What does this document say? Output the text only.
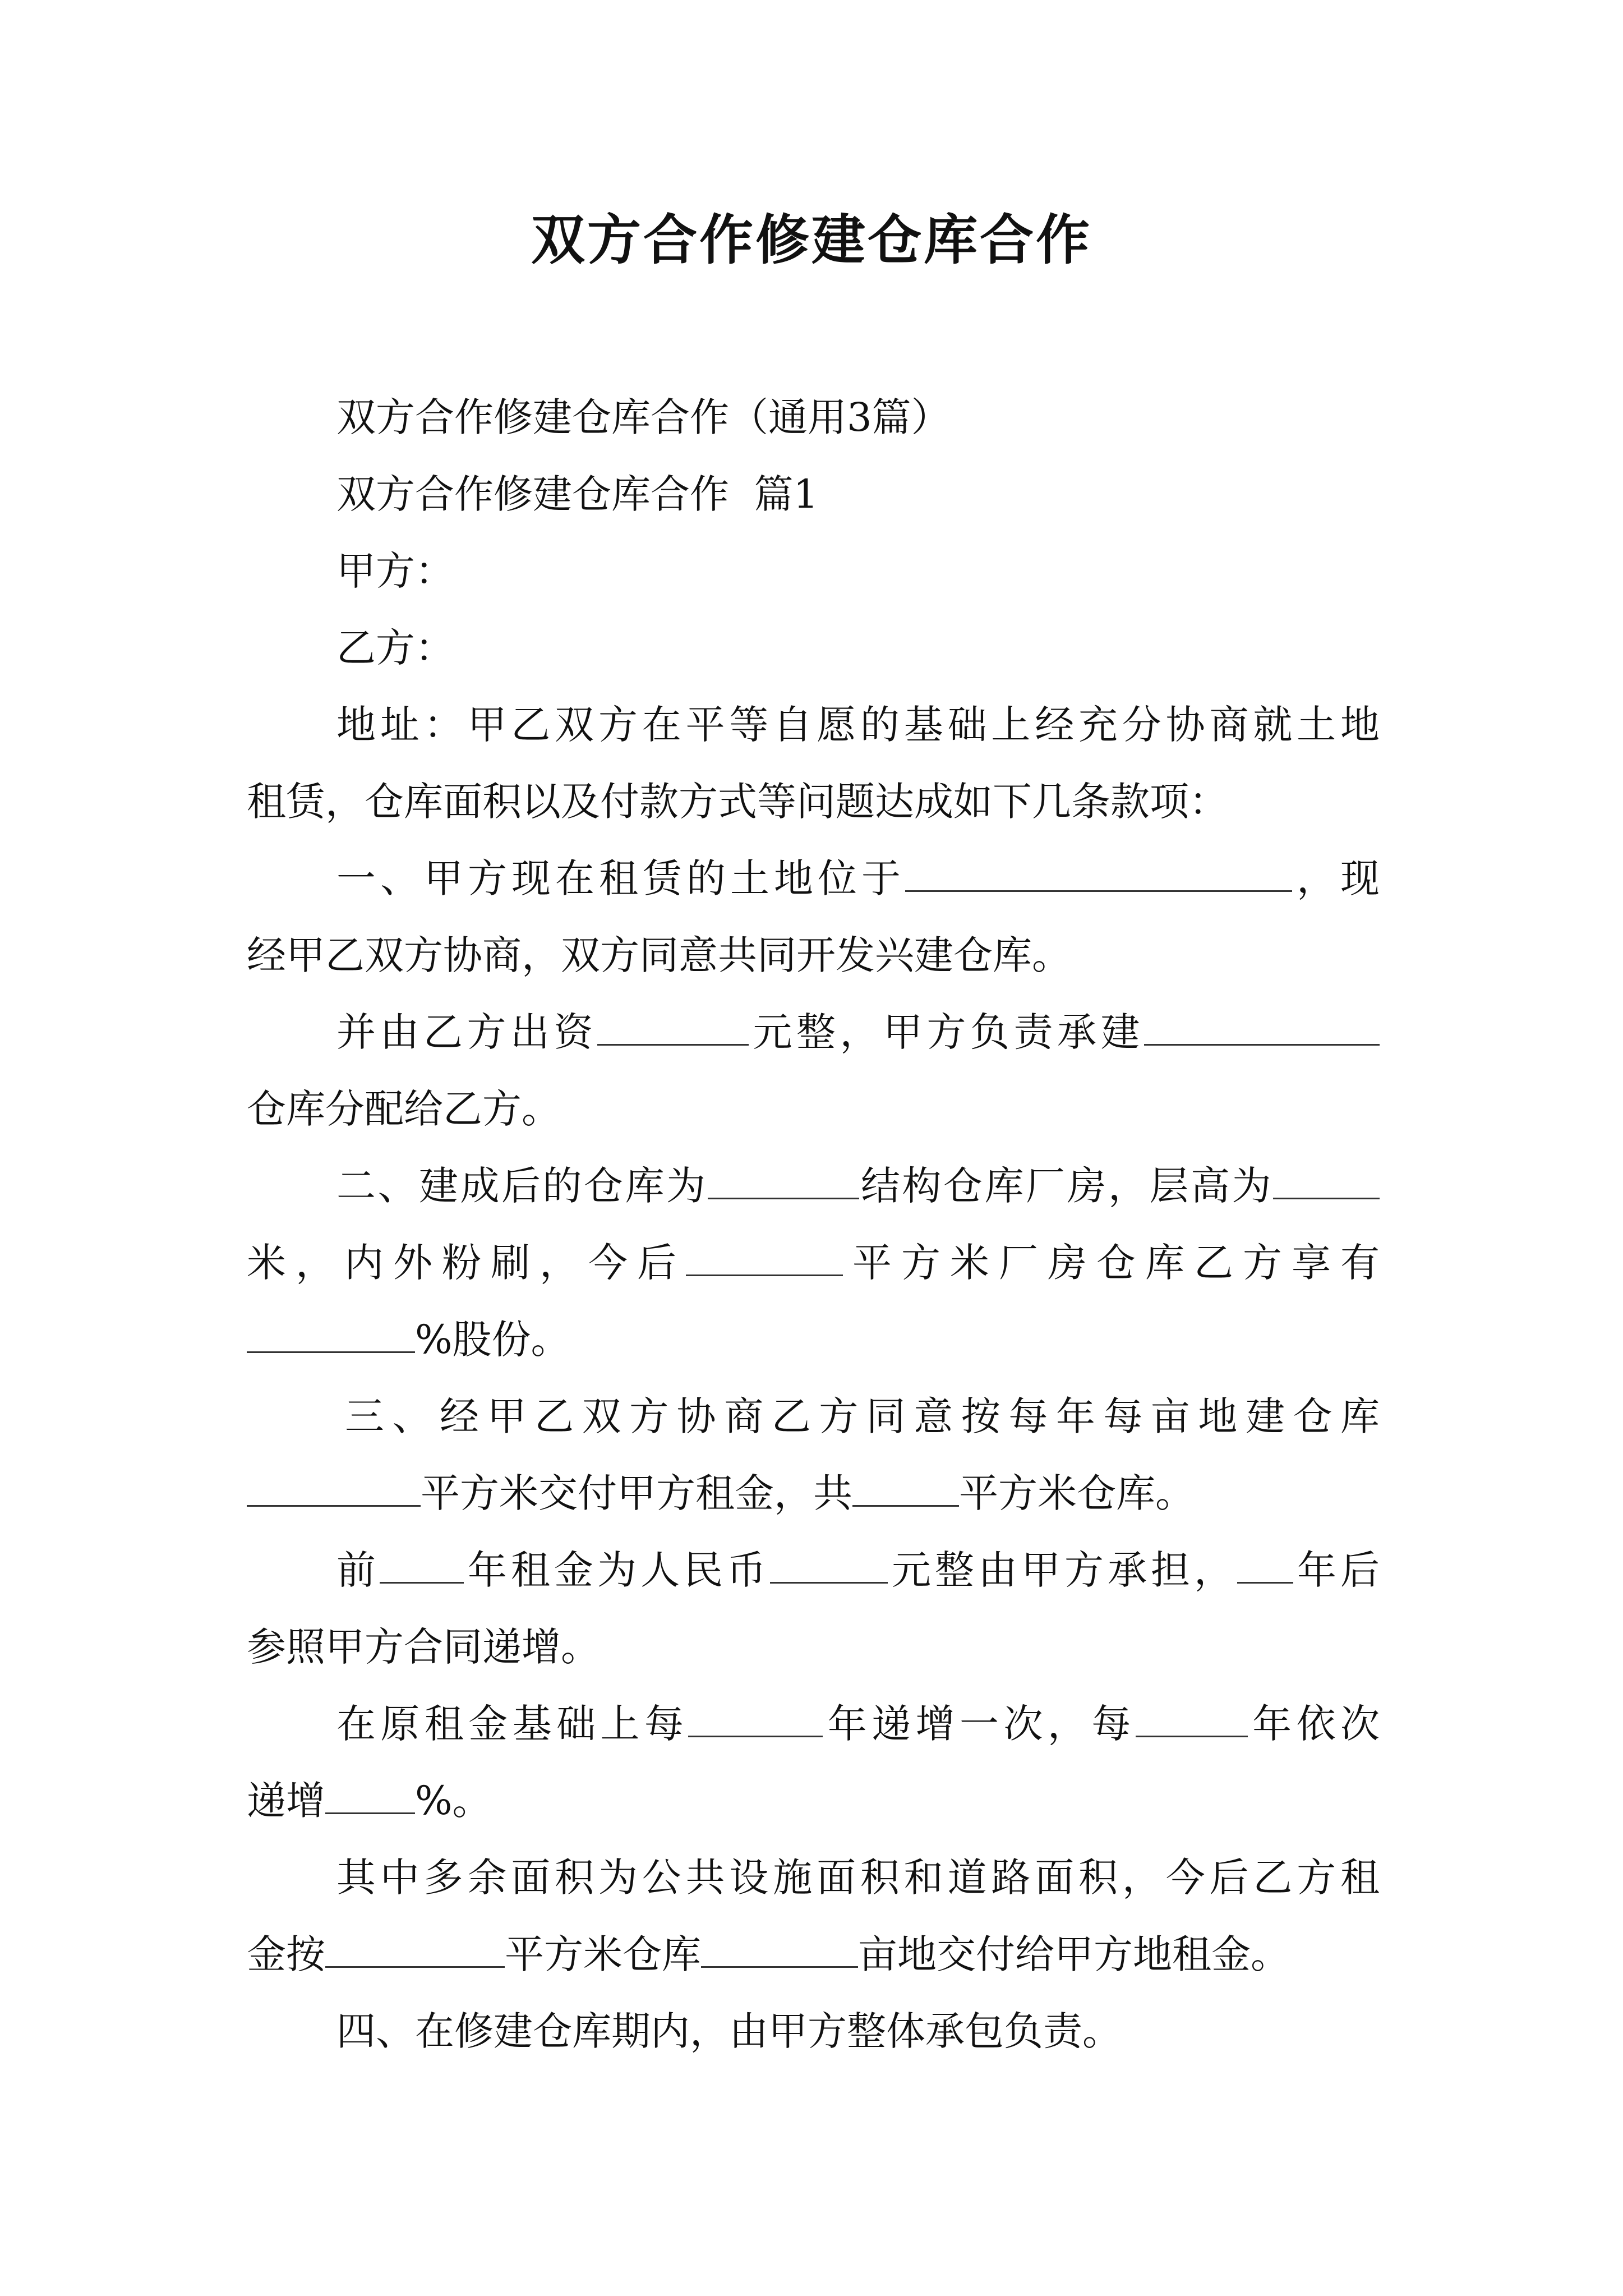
双方合作修建仓库合作
双方合作修建仓库合作（通用3篇）
双方合作修建仓库合作  篇1
甲方：
乙方：
地址：甲乙双方在平等自愿的基础上经充分协商就土地
租赁，仓库面积以及付款方式等问题达成如下几条款项：
一、甲方现在租赁的土地位于	，现
经甲乙双方协商，双方同意共同开发兴建仓库。
并由乙方出资	元整，甲方负责承建
仓库分配给乙方。
二、建成后的仓库为	结构仓库厂房，层高为
米，内外粉刷，今后	平方米厂房仓库乙方享有
%股份。
三、经甲乙双方协商乙方同意按每年每亩地建仓库
平方米交付甲方租金，共	平方米仓库。
前 年租金为人民币	元整由甲方承担， 年后
参照甲方合同递增。
在原租金基础上每	年递增一次，每	年依次
递增 %。
其中多余面积为公共设施面积和道路面积，今后乙方租
金按	平方米仓库	亩地交付给甲方地租金。
四、在修建仓库期内，由甲方整体承包负责。
